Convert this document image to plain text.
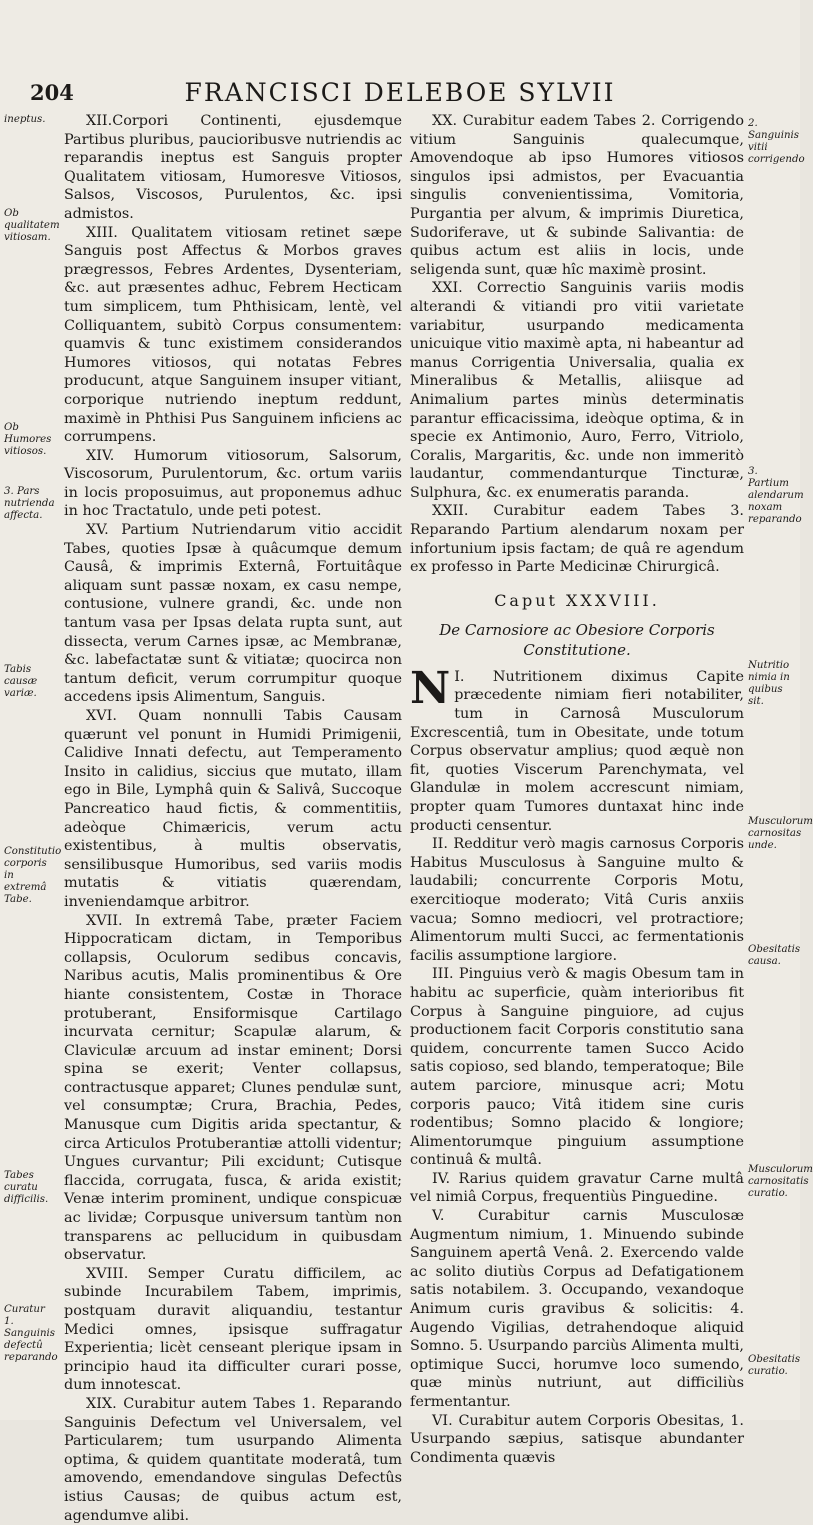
204	FRANCISCI DELEBOE SYLVII
ineptus.
Ob qualitatem vitiosam.
Ob Humores vitiosos.
3. Pars nutrienda affecta.
Tabis causæ variæ.
Constitutio corporis in extremâ Tabe.
Tabes curatu difficilis.
Curatur 1. Sanguinis defectû reparando
2. Sanguinis vitii corrigendo
3. Partium alendarum noxam reparando
Nutritio nimia in quibus sit.
Musculorum carnositas unde.
Obesitatis causa.
Musculorum carnositatis curatio.
Obesitatis curatio.

XII.Corpori Continenti, ejusdemque Partibus pluribus, paucioribusve nutriendis ac reparandis ineptus est Sanguis propter Qualitatem vitiosam, Humoresve Vitiosos, Salsos, Viscosos, Purulentos, &c. ipsi admistos.

XIII. Qualitatem vitiosam retinet sæpe Sanguis post Affectus & Morbos graves prægressos, Febres Ardentes, Dysenteriam, &c. aut præsentes adhuc, Febrem Hecticam tum simplicem, tum Phthisicam, lentè, vel Colliquantem, subitò Corpus consumentem: quamvis & tunc existimem considerandos Humores vitiosos, qui notatas Febres producunt, atque Sanguinem insuper vitiant, corporique nutriendo ineptum reddunt, maximè in Phthisi Pus Sanguinem inficiens ac corrumpens.

XIV. Humorum vitiosorum, Salsorum, Viscosorum, Purulentorum, &c. ortum variis in locis proposuimus, aut proponemus adhuc in hoc Tractatulo, unde peti potest.

XV. Partium Nutriendarum vitio accidit Tabes, quoties Ipsæ à quâcumque demum Causâ, & imprimis Externâ, Fortuitâque aliquam sunt passæ noxam, ex casu nempe, contusione, vulnere grandi, &c. unde non tantum vasa per Ipsas delata rupta sunt, aut dissecta, verum Carnes ipsæ, ac Membranæ, &c. labefactatæ sunt & vitiatæ; quocirca non tantum deficit, verum corrumpitur quoque accedens ipsis Alimentum, Sanguis.

XVI. Quam nonnulli Tabis Causam quærunt vel ponunt in Humidi Primigenii, Calidive Innati defectu, aut Temperamento Insito in calidius, siccius que mutato, illam ego in Bile, Lymphâ quin & Salivâ, Succoque Pancreatico haud fictis, & commentitiis, adeòque Chimæricis, verum actu existentibus, à multis observatis, sensilibusque Humoribus, sed variis modis mutatis & vitiatis quærendam, inveniendamque arbitror.

XVII. In extremâ Tabe, præter Faciem Hippocraticam dictam, in Temporibus collapsis, Oculorum sedibus concavis, Naribus acutis, Malis prominentibus & Ore hiante consistentem, Costæ in Thorace protuberant, Ensiformisque Cartilago incurvata cernitur; Scapulæ alarum, & Claviculæ arcuum ad instar eminent; Dorsi spina se exerit; Venter collapsus, contractusque apparet; Clunes pendulæ sunt, vel consumptæ; Crura, Brachia, Pedes, Manusque cum Digitis arida spectantur, & circa Articulos Protuberantiæ attolli videntur; Ungues curvantur; Pili excidunt; Cutisque flaccida, corrugata, fusca, & arida existit; Venæ interim prominent, undique conspicuæ ac lividæ; Corpusque universum tantùm non transparens ac pellucidum in quibusdam observatur.

XVIII. Semper Curatu difficilem, ac subinde Incurabilem Tabem, imprimis, postquam duravit aliquandiu, testantur Medici omnes, ipsisque suffragatur Experientia; licèt censeant plerique ipsam in principio haud ita difficulter curari posse, dum innotescat.

XIX. Curabitur autem Tabes 1. Reparando Sanguinis Defectum vel Universalem, vel Particularem; tum usurpando Alimenta optima, & quidem quantitate moderatâ, tum amovendo, emendandove singulas Defectûs istius Causas; de quibus actum est, agendumve alibi.

XX. Curabitur eadem Tabes 2. Corrigendo vitium Sanguinis qualecumque, Amovendoque ab ipso Humores vitiosos singulos ipsi admistos, per Evacuantia singulis convenientissima, Vomitoria, Purgantia per alvum, & imprimis Diuretica, Sudoriferave, ut & subinde Salivantia: de quibus actum est aliis in locis, unde seligenda sunt, quæ hîc maximè prosint.

XXI. Correctio Sanguinis variis modis alterandi & vitiandi pro vitii varietate variabitur, usurpando medicamenta unicuique vitio maximè apta, ni habeantur ad manus Corrigentia Universalia, qualia ex Mineralibus & Metallis, aliisque ad Animalium partes minùs determinatis parantur efficacissima, ideòque optima, & in specie ex Antimonio, Auro, Ferro, Vitriolo, Coralis, Margaritis, &c. unde non immeritò laudantur, commendanturque Tincturæ, Sulphura, &c. ex enumeratis paranda.

XXII. Curabitur eadem Tabes 3. Reparando Partium alendarum noxam per infortunium ipsis factam; de quâ re agendum ex professo in Parte Medicinæ Chirurgicâ.

Caput XXXVIII.
De Carnosiore ac Obesiore Corporis Constitutione.

N I. Nutritionem diximus Capite præcedente nimiam fieri notabiliter, tum in Carnosâ Musculorum Excrescentiâ, tum in Obesitate, unde totum Corpus observatur amplius; quod æquè non fit, quoties Viscerum Parenchymata, vel Glandulæ in molem accrescunt nimiam, propter quam Tumores duntaxat hinc inde producti censentur.

II. Redditur verò magis carnosus Corporis Habitus Musculosus à Sanguine multo & laudabili; concurrente Corporis Motu, exercitioque moderato; Vitâ Curis anxiis vacua; Somno mediocri, vel protractiore; Alimentorum multi Succi, ac fermentationis facilis assumptione largiore.

III. Pinguius verò & magis Obesum tam in habitu ac superficie, quàm interioribus fit Corpus à Sanguine pinguiore, ad cujus productionem facit Corporis constitutio sana quidem, concurrente tamen Succo Acido satis copioso, sed blando, temperatoque; Bile autem parciore, minusque acri; Motu corporis pauco; Vitâ itidem sine curis rodentibus; Somno placido & longiore; Alimentorumque pinguium assumptione continuâ & multâ.

IV. Rarius quidem gravatur Carne multâ vel nimiâ Corpus, frequentiùs Pinguedine.

V. Curabitur carnis Musculosæ Augmentum nimium, 1. Minuendo subinde Sanguinem apertâ Venâ. 2. Exercendo valde ac solito diutiùs Corpus ad Defatigationem satis notabilem. 3. Occupando, vexandoque Animum curis gravibus & solicitis: 4. Augendo Vigilias, detrahendoque aliquid Somno. 5. Usurpando parciùs Alimenta multi, optimique Succi, horumve loco sumendo, quæ minùs nutriunt, aut difficiliùs fermentantur.

VI. Curabitur autem Corporis Obesitas, 1. Usurpando sæpius, satisque abundanter Condimenta quævis
